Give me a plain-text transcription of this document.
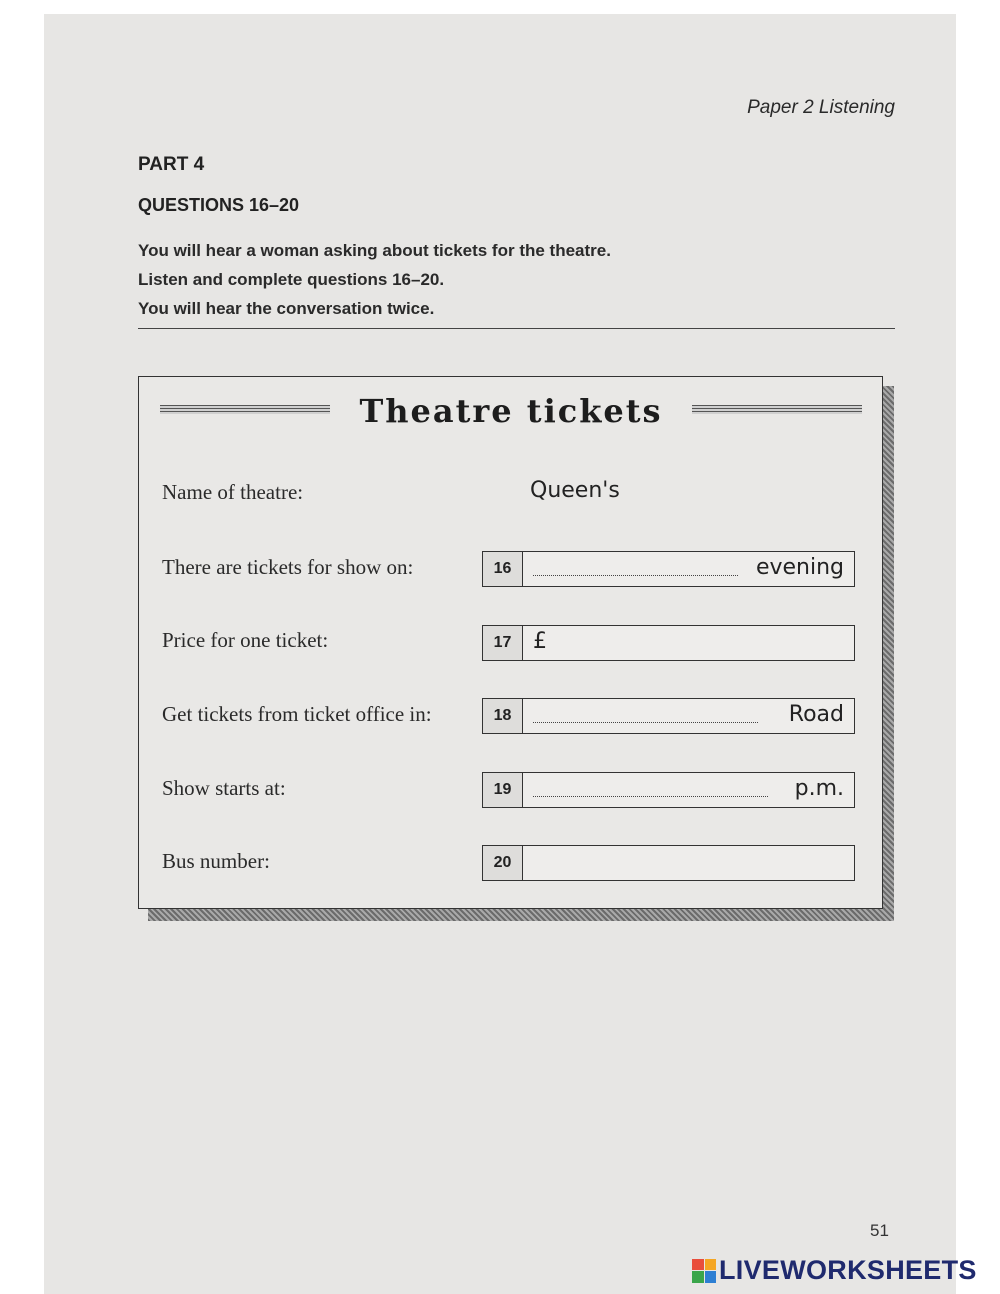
Paper 2 Listening
PART 4
QUESTIONS 16–20
You will hear a woman asking about tickets for the theatre.
Listen and complete questions 16–20.
You will hear the conversation twice.
Theatre tickets
Name of theatre:	Queen's
There are tickets for show on:	16	evening
Price for one ticket:	17 £
Get tickets from ticket office in:	18	Road
Show starts at:	19	p.m.
Bus number:	20
51
LIVEWORKSHEETS
